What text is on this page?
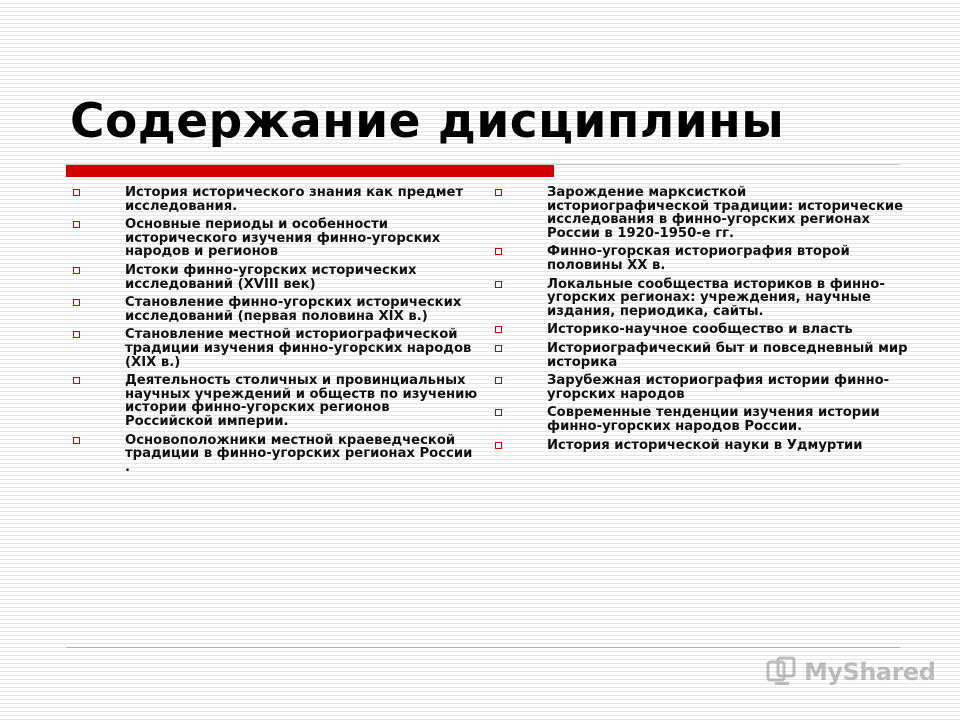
Содержание дисциплины
История исторического знания как предмет исследования.
Основные периоды и особенности исторического изучения финно-угорских народов и регионов
Истоки финно-угорских исторических исследований (XVIII век)
Становление финно-угорских исторических исследований (первая половина XIX в.)
Становление местной историографической традиции изучения финно-угорских народов (XIX в.)
Деятельность столичных и провинциальных научных учреждений и обществ по изучению истории финно-угорских регионов Российской империи.
Основоположники местной краеведческой традиции в финно-угорских регионах России .
Зарождение марксисткой историографической традиции: исторические исследования в финно-угорских регионах России в 1920-1950-е гг.
Финно-угорская историография второй половины XX в.
Локальные сообщества историков в финно-угорских регионах: учреждения, научные издания, периодика, сайты.
Историко-научное сообщество и власть
Историографический быт и повседневный мир историка
Зарубежная историография истории финно-угорских народов
Современные тенденции изучения истории финно-угорских народов России.
История исторической науки в Удмуртии
MyShared
